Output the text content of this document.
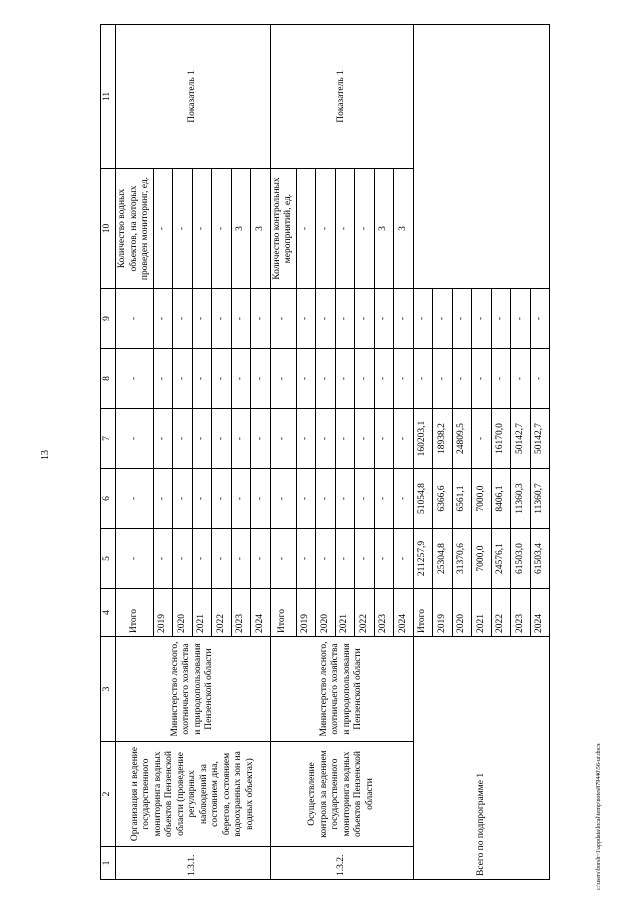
13
c:\users\borsh~1\appdata\local\temp\notes879440\56-ur.docx
1	2	3	4	5	6	7	8	9	10	11
1.3.1.	Организация и ведение государственного мониторинга водных объектов Пензенской области (проведение регулярных наблюдений за состоянием дна, берегов, состоянием водоохранных зон на водных объектах)	Министерство лесного, охотничьего хозяйства и природопользования Пензенской области	Итого	-	-	-	-	-	Количество водных объектов, на которых проведен мониторинг, ед.	Показатель 1
			2019	-	-	-	-	-	-	
			2020	-	-	-	-	-	-	
			2021	-	-	-	-	-	-	
			2022	-	-	-	-	-	-	
			2023	-	-	-	-	-	3	
			2024	-	-	-	-	-	3	
1.3.2.	Осуществление контроля за ведением государственного мониторинга водных объектов Пензенской области	Министерство лесного, охотничьего хозяйства и природопользования Пензенской области	Итого	-	-	-	-	-	Количество контрольных мероприятий, ед.	Показатель 1
			2019	-	-	-	-	-	-	
			2020	-	-	-	-	-	-	
			2021	-	-	-	-	-	-	
			2022	-	-	-	-	-	-	
			2023	-	-	-	-	-	3	
			2024	-	-	-	-	-	3	
Всего по подпрограмме 1			Итого	211257,9	51054,8	160203,1	-	-		
			2019	25304,8	6366,6	18938,2	-	-		
			2020	31370,6	6561,1	24809,5	-	-		
			2021	7000,0	7000,0	-	-	-		
			2022	24576,1	8406,1	16170,0	-	-		
			2023	61503,0	11360,3	50142,7	-	-		
			2024	61503,4	11360,7	50142,7	-	-		
